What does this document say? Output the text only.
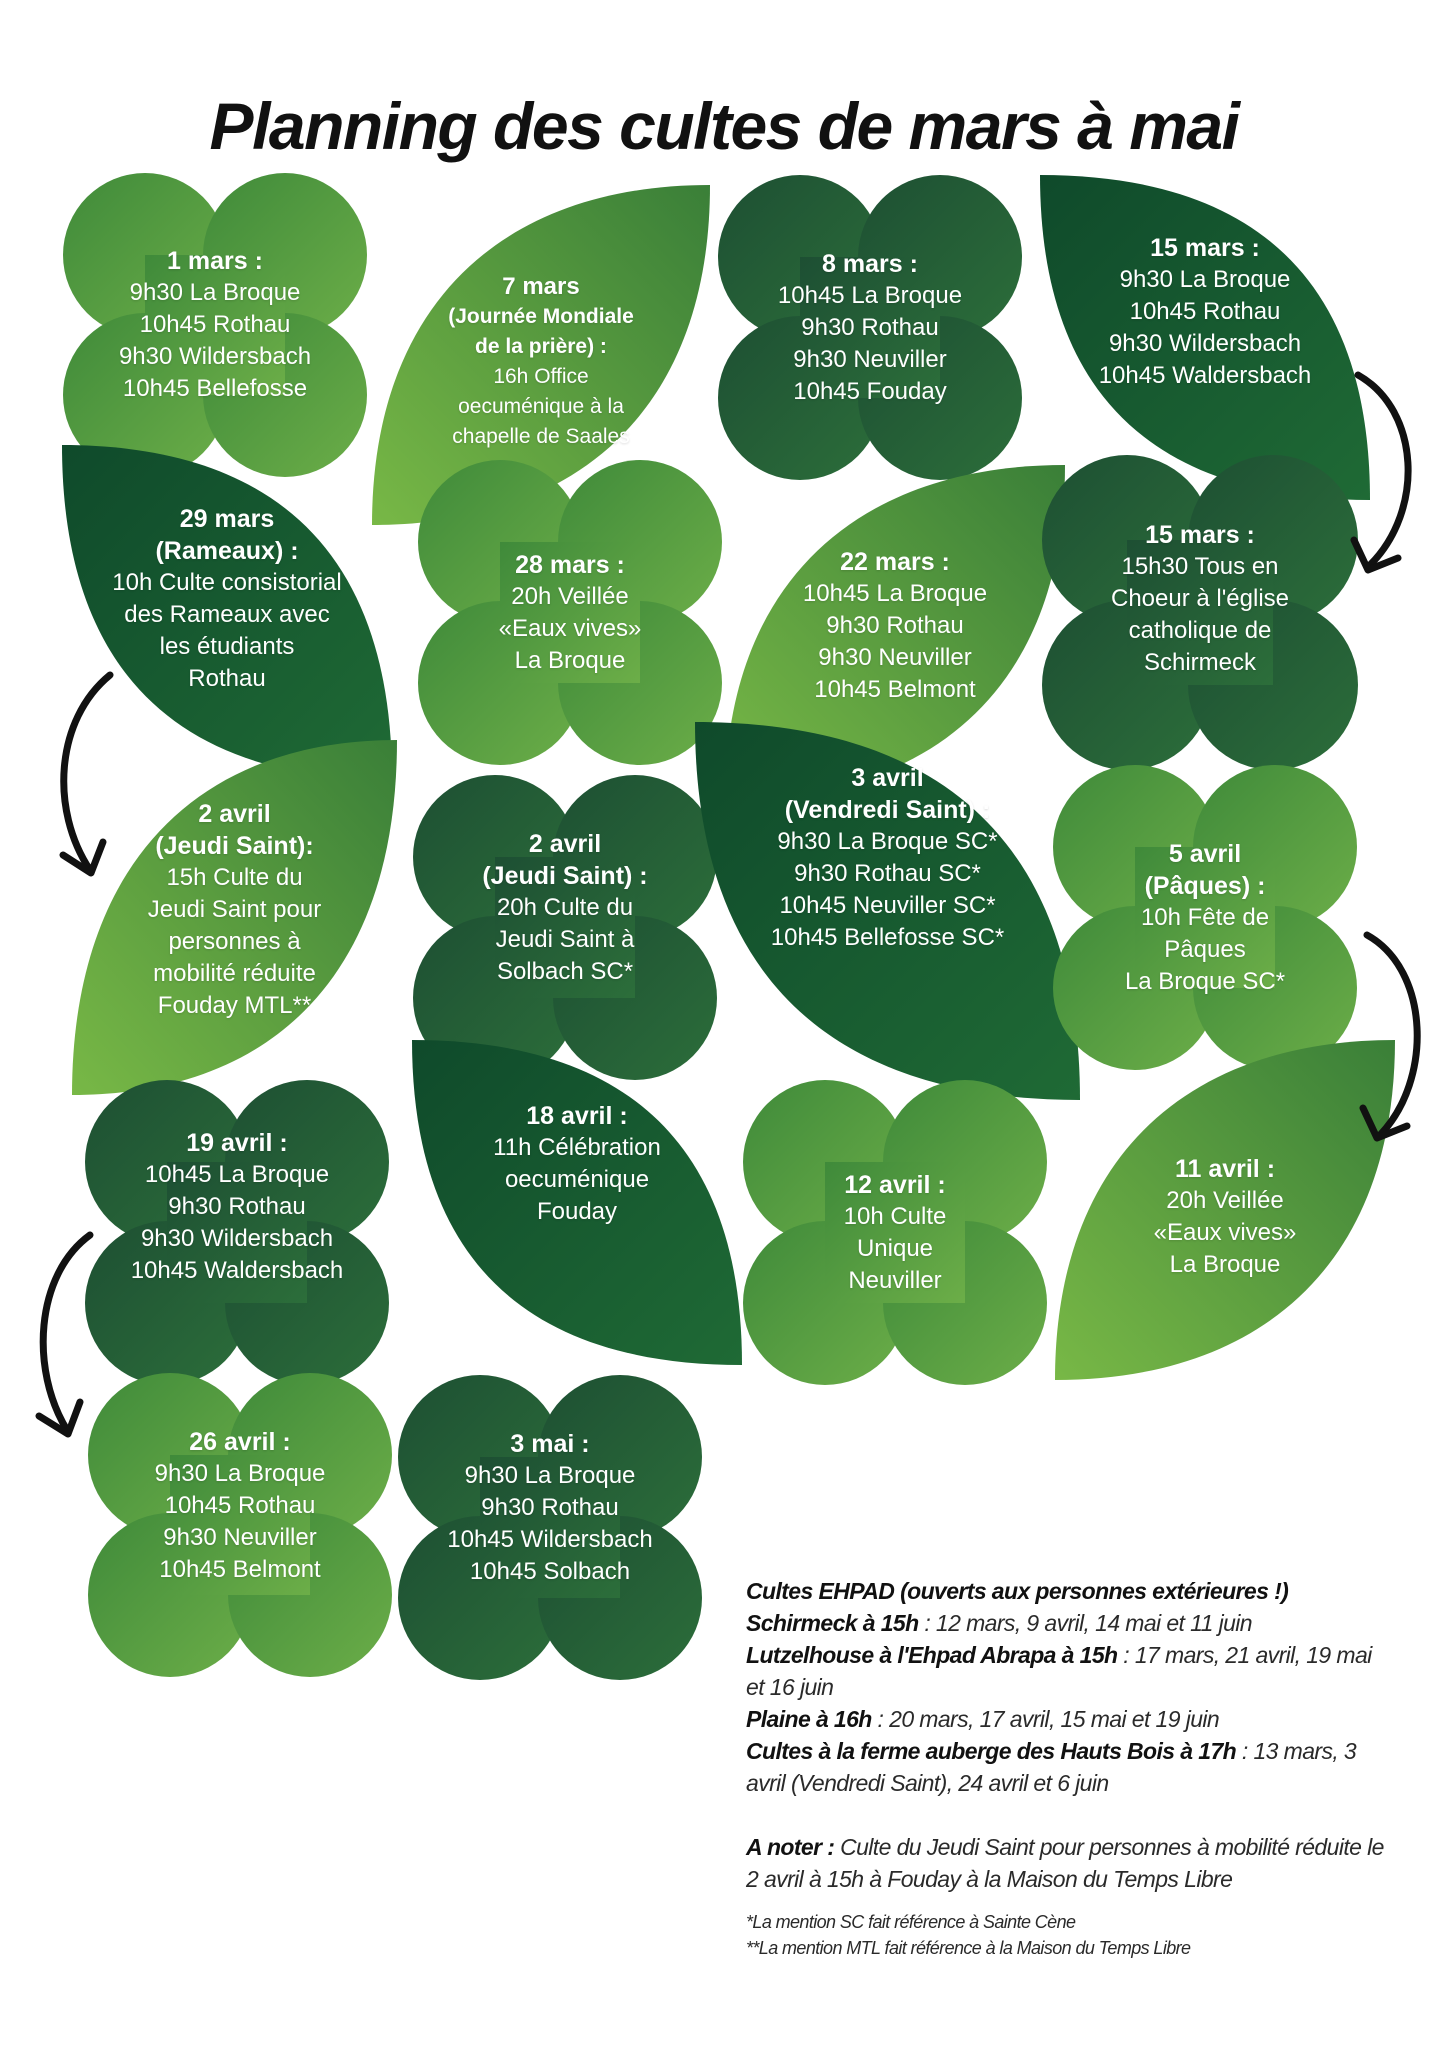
Planning des cultes de mars à mai
1 mars :
9h30 La Broque
10h45 Rothau
9h30 Wildersbach
10h45 Bellefosse
7 mars
(Journée Mondiale
de la prière) :
16h Office
oecuménique à la
chapelle de Saales
8 mars :
10h45 La Broque
9h30 Rothau
9h30 Neuviller
10h45 Fouday
15 mars :
9h30 La Broque
10h45 Rothau
9h30 Wildersbach
10h45 Waldersbach
29 mars
(Rameaux) :
10h Culte consistorial
des Rameaux avec
les étudiants
Rothau
28 mars :
20h Veillée
«Eaux vives»
La Broque
22 mars :
10h45 La Broque
9h30 Rothau
9h30 Neuviller
10h45 Belmont
15 mars :
15h30 Tous en
Choeur à l'église
catholique de
Schirmeck
2 avril
(Jeudi Saint):
15h Culte du
Jeudi Saint pour
personnes à
mobilité réduite
Fouday MTL**
2 avril
(Jeudi Saint) :
20h Culte du
Jeudi Saint à
Solbach SC*
3 avril
(Vendredi Saint) :
9h30 La Broque SC*
9h30 Rothau SC*
10h45 Neuviller SC*
10h45 Bellefosse SC*
5 avril
(Pâques) :
10h Fête de
Pâques
La Broque SC*
19 avril :
10h45 La Broque
9h30 Rothau
9h30 Wildersbach
10h45 Waldersbach
18 avril :
11h Célébration
oecuménique
Fouday
12 avril :
10h Culte
Unique
Neuviller
11 avril :
20h Veillée
«Eaux vives»
La Broque
26 avril :
9h30 La Broque
10h45 Rothau
9h30 Neuviller
10h45 Belmont
3 mai :
9h30 La Broque
9h30 Rothau
10h45 Wildersbach
10h45 Solbach

Cultes EHPAD (ouverts aux personnes extérieures !)

Schirmeck à 15h : 12 mars, 9 avril, 14 mai et 11 juin

Lutzelhouse à l'Ehpad Abrapa à 15h : 17 mars, 21 avril, 19 mai et 16 juin

Plaine à 16h : 20 mars, 17 avril, 15 mai et 19 juin

Cultes à la ferme auberge des Hauts Bois à 17h : 13 mars, 3 avril (Vendredi Saint), 24 avril et 6 juin

A noter : Culte du Jeudi Saint pour personnes à mobilité réduite le 2 avril à 15h à Fouday à la Maison du Temps Libre

*La mention SC fait référence à Sainte Cène

**La mention MTL fait référence à la Maison du Temps Libre
